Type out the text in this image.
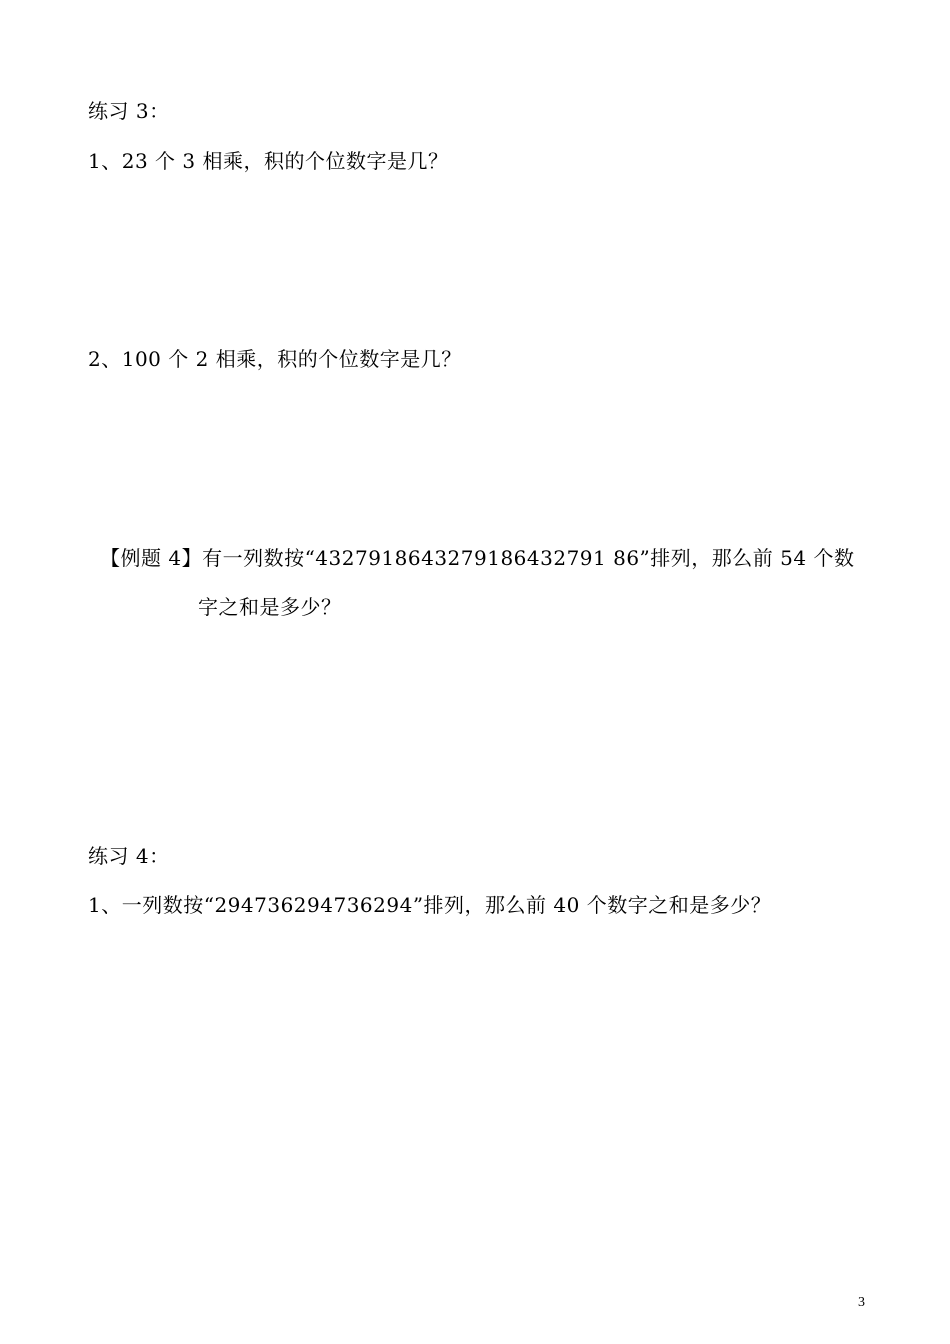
练习 3：
1、23 个 3 相乘，积的个位数字是几？
2、100 个 2 相乘，积的个位数字是几？
【例题 4】有一列数按“4327918643279186432791 86”排列，那么前 54 个数
字之和是多少？
练习 4：
1、一列数按“294736294736294”排列，那么前 40 个数字之和是多少？
3
